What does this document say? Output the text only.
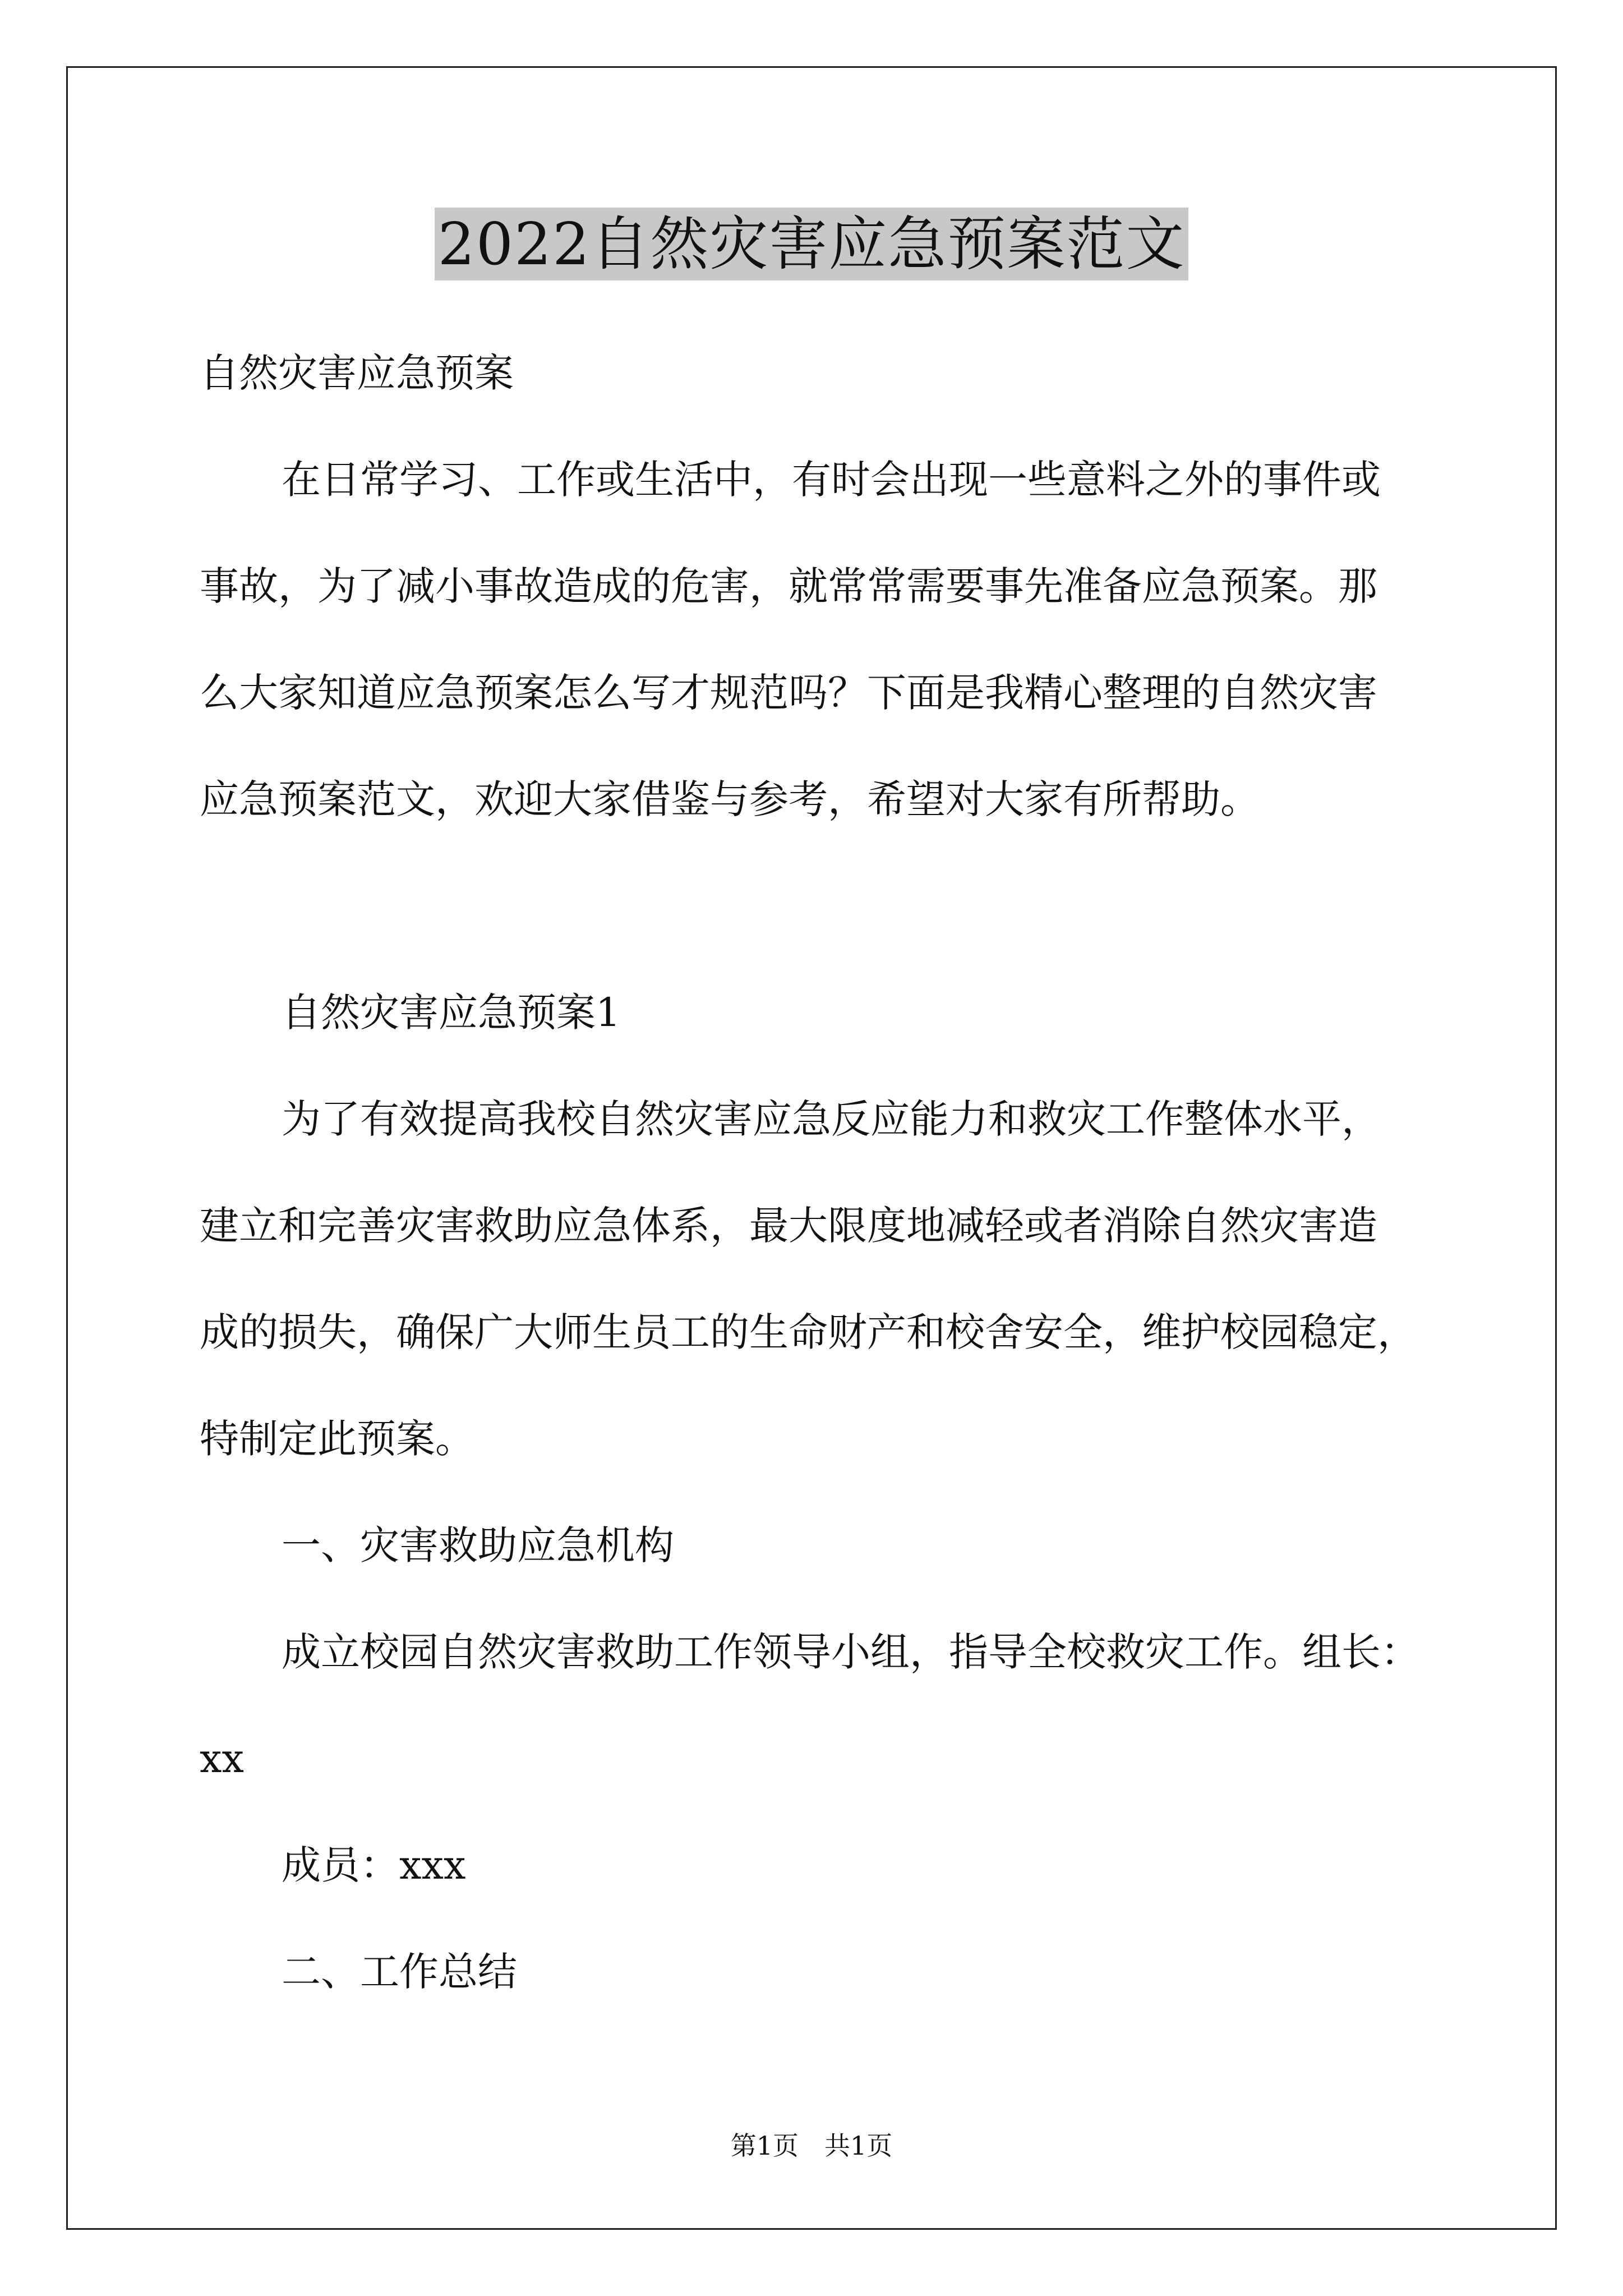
2022自然灾害应急预案范文

自然灾害应急预案

在日常学习、工作或生活中，有时会出现一些意料之外的事件或

事故，为了减小事故造成的危害，就常常需要事先准备应急预案。那

么大家知道应急预案怎么写才规范吗？下面是我精心整理的自然灾害

应急预案范文，欢迎大家借鉴与参考，希望对大家有所帮助。

自然灾害应急预案1

为了有效提高我校自然灾害应急反应能力和救灾工作整体水平，

建立和完善灾害救助应急体系，最大限度地减轻或者消除自然灾害造

成的损失，确保广大师生员工的生命财产和校舍安全，维护校园稳定，

特制定此预案。

一、灾害救助应急机构

成立校园自然灾害救助工作领导小组，指导全校救灾工作。组长：

xx

成员：xxx

二、工作总结

第1页　共1页
